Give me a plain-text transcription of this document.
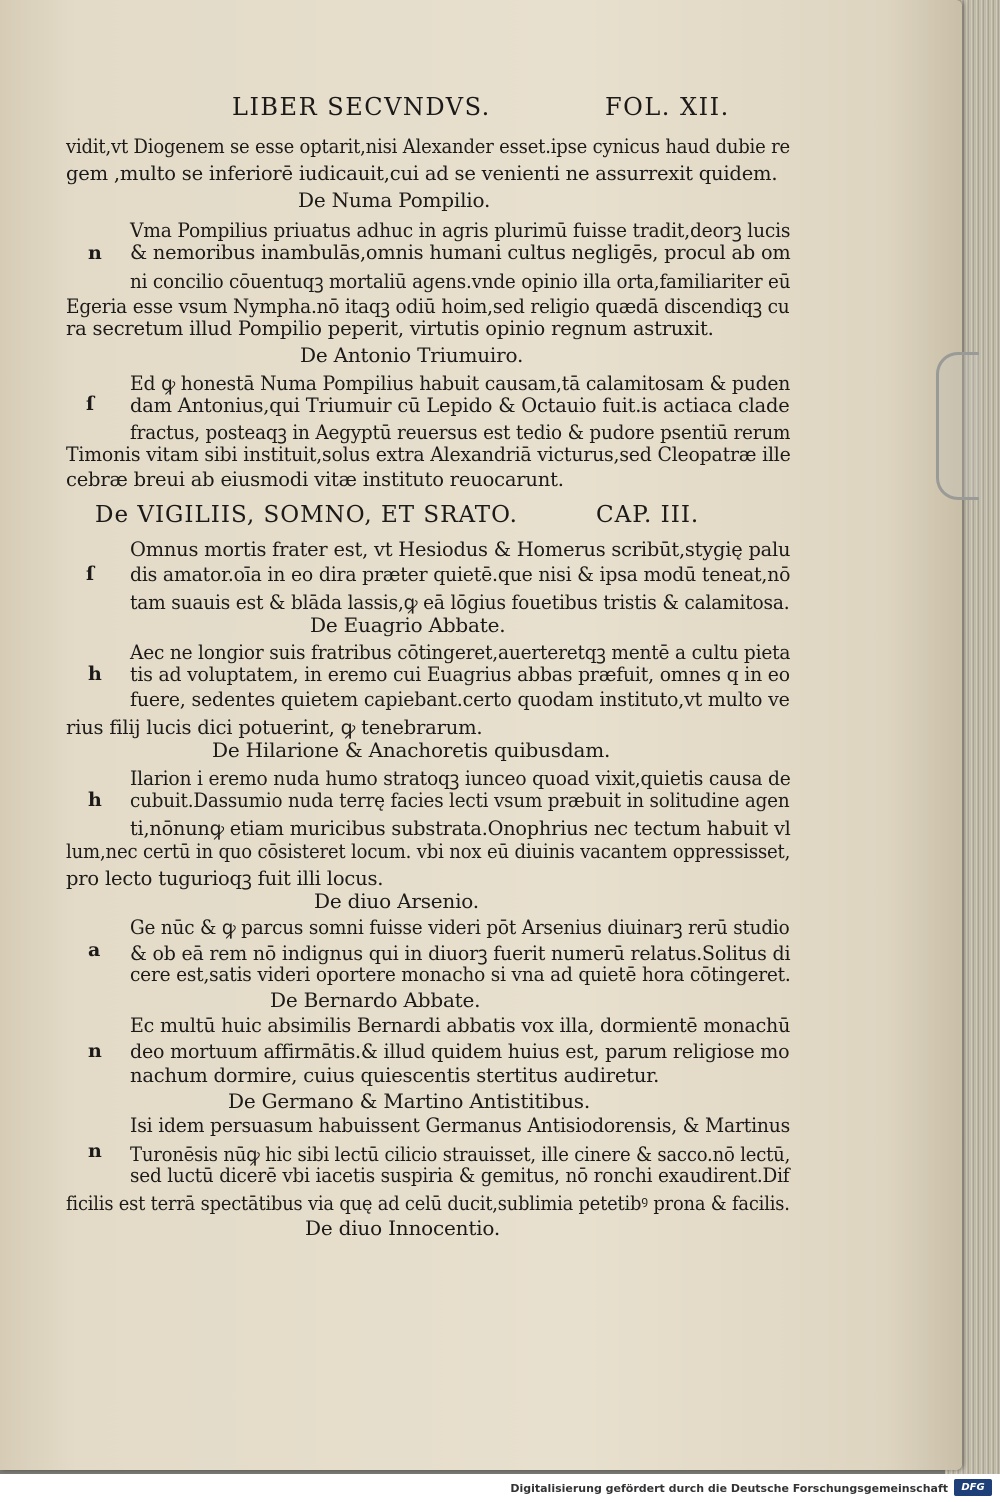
LIBER SECVNDVS.	FOL. XII.
vidit,vt Diogenem se esse optarit,nisi Alexander esset.ipse cynicus haud dubie re
gem ,multo se inferiorē iudicauit,cui ad se venienti ne assurrexit quidem.
De Numa Pompilio.
Vma Pompilius priuatus adhuc in agris plurimū fuisse tradit,deorꝫ lucis
n & nemoribus inambulās,omnis humani cultus negligēs, procul ab om
ni concilio cōuentuqꝫ mortaliū agens.vnde opinio illa orta,familiariter eū
Egeria esse vsum Nympha.nō itaqꝫ odiū hoim,sed religio quædā discendiqꝫ cu
ra secretum illud Pompilio peperit, virtutis opinio regnum astruxit.
De Antonio Triumuiro.
Ed ꝙ honestā Numa Pompilius habuit causam,tā calamitosam & puden
ſ dam Antonius,qui Triumuir cū Lepido & Octauio fuit.is actiaca clade
fractus, posteaqꝫ in Aegyptū reuersus est tedio & pudore psentiū rerum
Timonis vitam sibi instituit,solus extra Alexandriā victurus,sed Cleopatræ ille
cebræ breui ab eiusmodi vitæ instituto reuocarunt.
De VIGILIIS, SOMNO, ET SRATO.	CAP. III.
Omnus mortis frater est, vt Hesiodus & Homerus scribūt,stygię palu
ſ dis amator.oīa in eo dira præter quietē.que nisi & ipsa modū teneat,nō
tam suauis est & blāda lassis,ꝙ eā lōgius fouetibus tristis & calamitosa.
De Euagrio Abbate.
Aec ne longior suis fratribus cōtingeret,auerteretqꝫ mentē a cultu pieta
h tis ad voluptatem, in eremo cui Euagrius abbas præfuit, omnes q in eo
fuere, sedentes quietem capiebant.certo quodam instituto,vt multo ve
rius filij lucis dici potuerint, ꝙ tenebrarum.
De Hilarione & Anachoretis quibusdam.
Ilarion i eremo nuda humo stratoqꝫ iunceo quoad vixit,quietis causa de
h cubuit.Dassumio nuda terrę facies lecti vsum præbuit in solitudine agen
ti,nōnunꝙ etiam muricibus substrata.Onophrius nec tectum habuit vl
lum,nec certū in quo cōsisteret locum. vbi nox eū diuinis vacantem oppressisset,
pro lecto tugurioqꝫ fuit illi locus.
De diuo Arsenio.
Ge nūc & ꝙ parcus somni fuisse videri pōt Arsenius diuinarꝫ rerū studio
a & ob eā rem nō indignus qui in diuorꝫ fuerit numerū relatus.Solitus di
cere est,satis videri oportere monacho si vna ad quietē hora cōtingeret.
De Bernardo Abbate.
Ec multū huic absimilis Bernardi abbatis vox illa, dormientē monachū
n deo mortuum affirmātis.& illud quidem huius est, parum religiose mo
nachum dormire, cuius quiescentis stertitus audiretur.
De Germano & Martino Antistitibus.
Isi idem persuasum habuissent Germanus Antisiodorensis, & Martinus
n Turonēsis nūꝙ hic sibi lectū cilicio strauisset, ille cinere & sacco.nō lectū,
sed luctū dicerē vbi iacetis suspiria & gemitus, nō ronchi exaudirent.Dif
ficilis est terrā spectātibus via quę ad celū ducit,sublimia petetibꝰ prona & facilis.
De diuo Innocentio.
Digitalisierung gefördert durch die Deutsche Forschungsgemeinschaft	DFG
